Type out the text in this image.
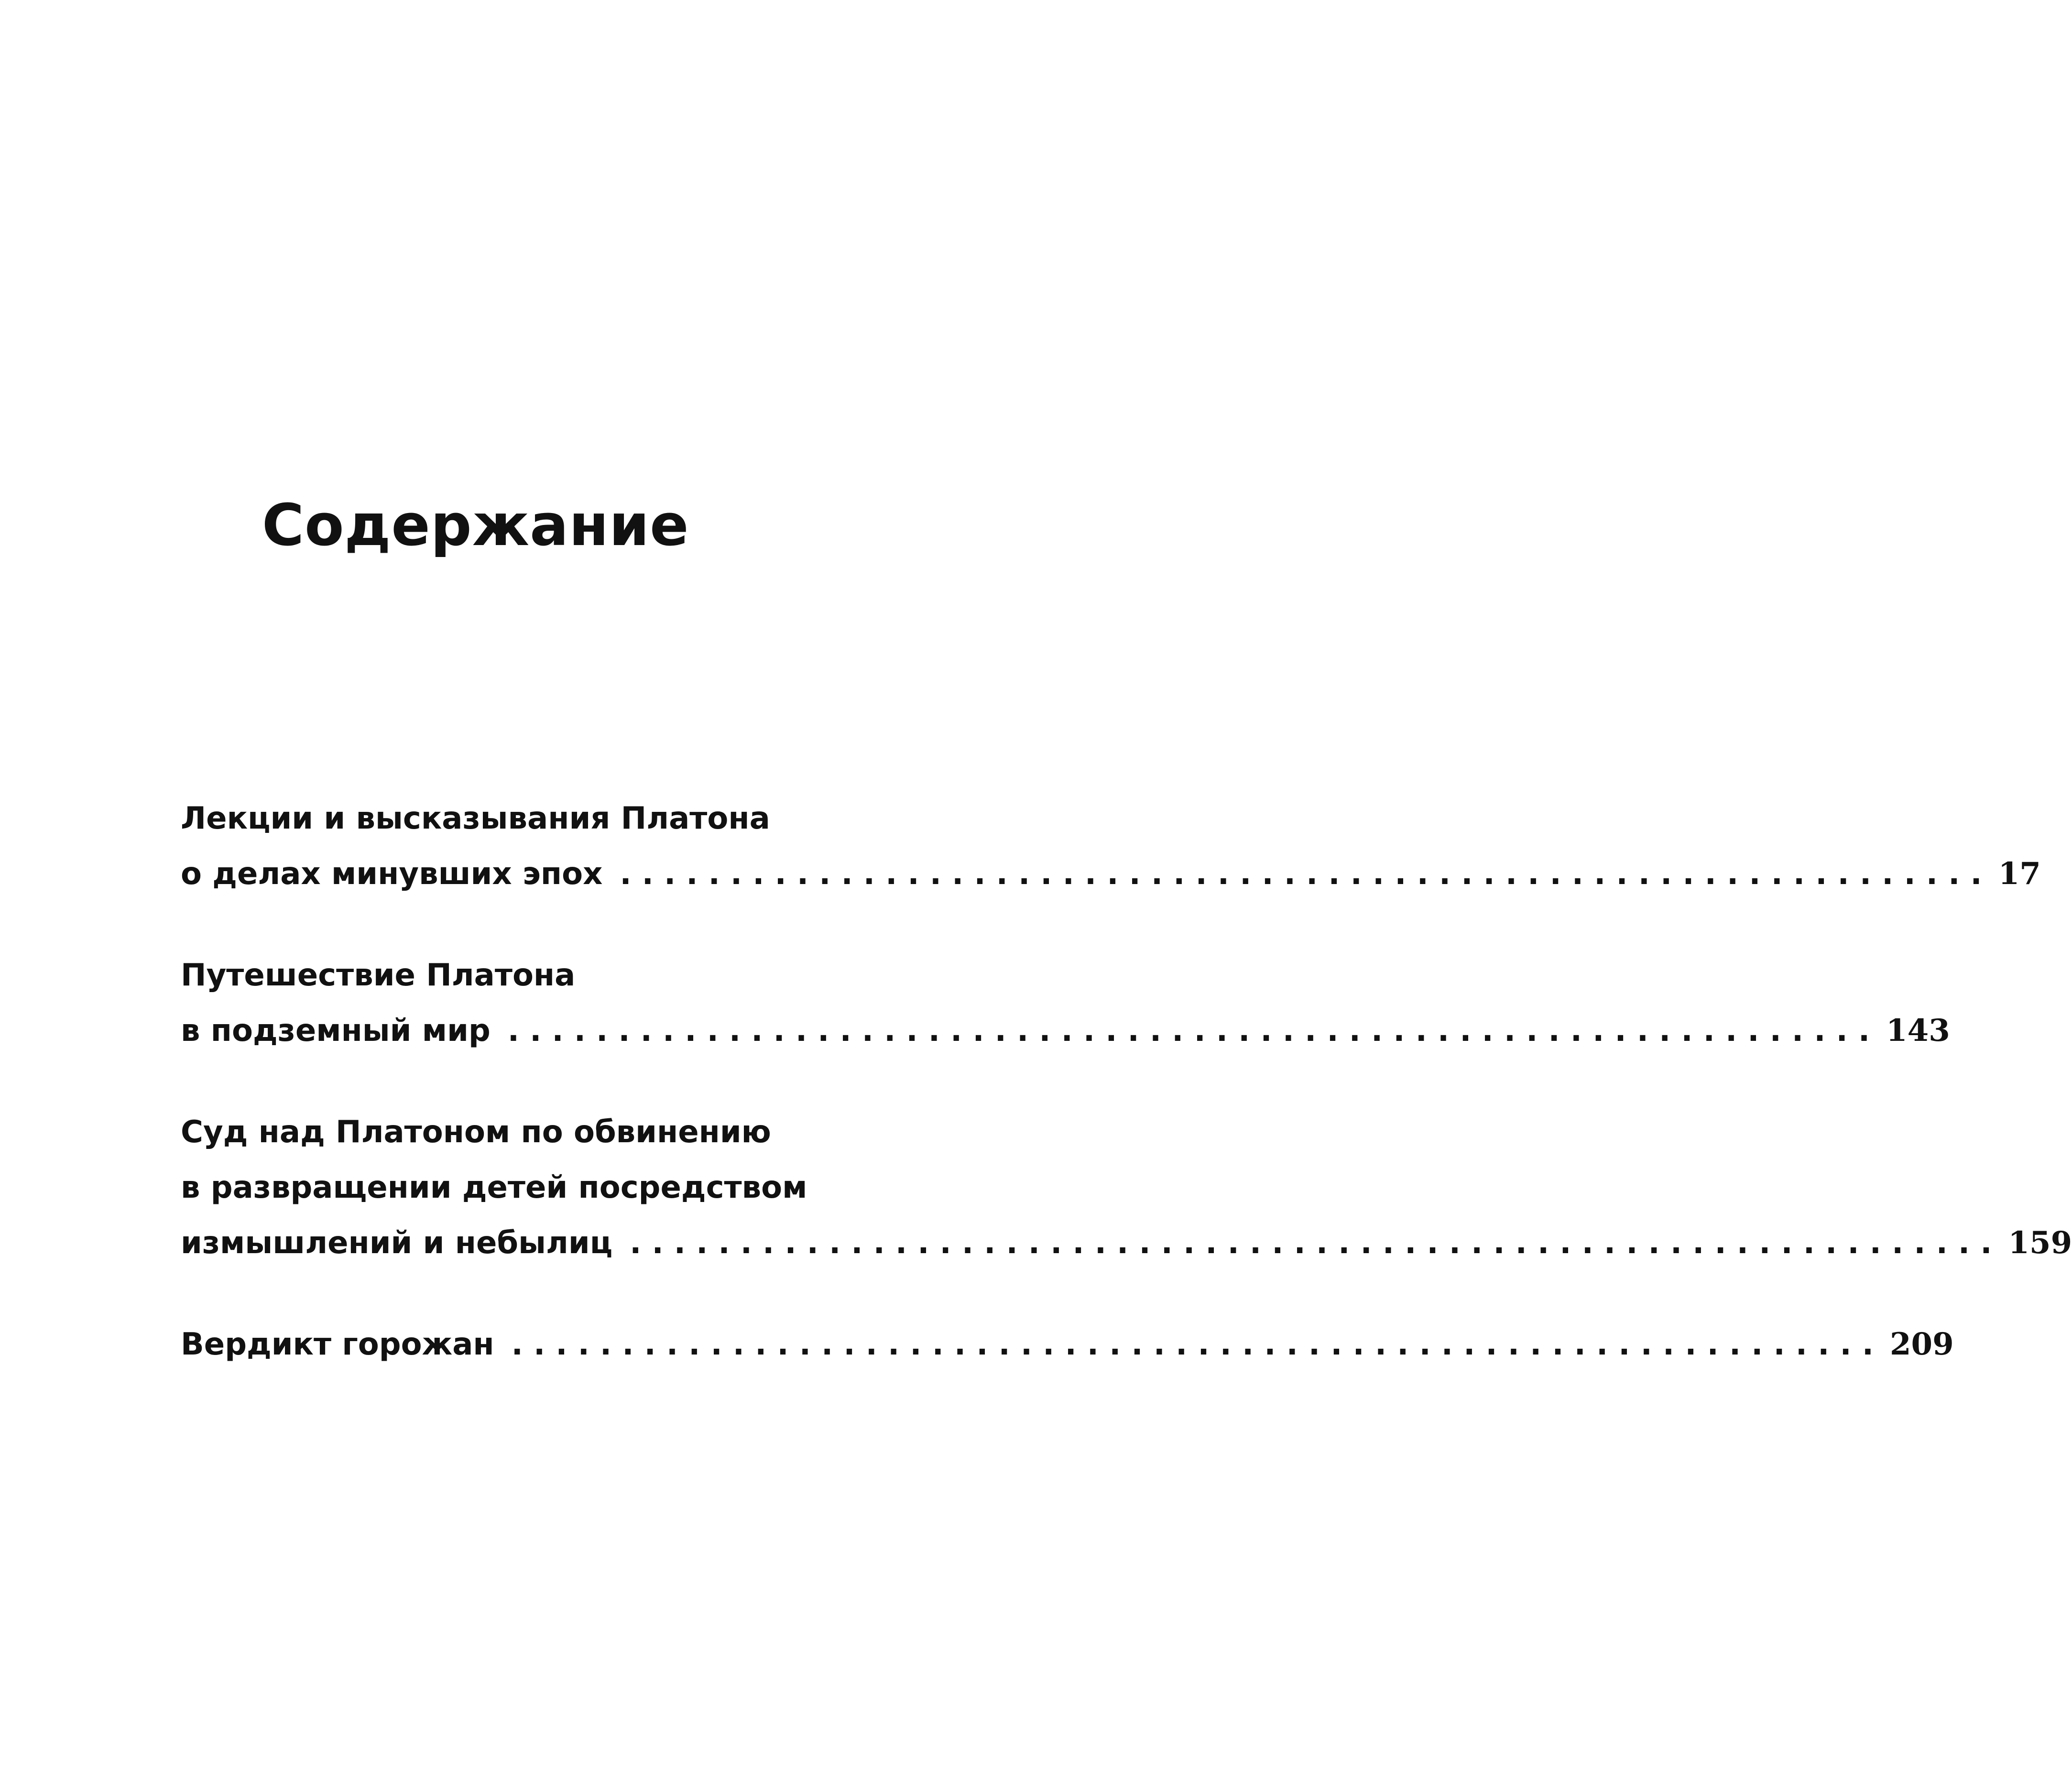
Содержание
Лекции и высказывания Платона
о делах минувших эпох .............................................................. 17
Путешествие Платона
в подземный мир .............................................................. 143
Суд над Платоном по обвинению
в развращении детей посредством
измышлений и небылиц .............................................................. 159
Вердикт горожан .............................................................. 209
